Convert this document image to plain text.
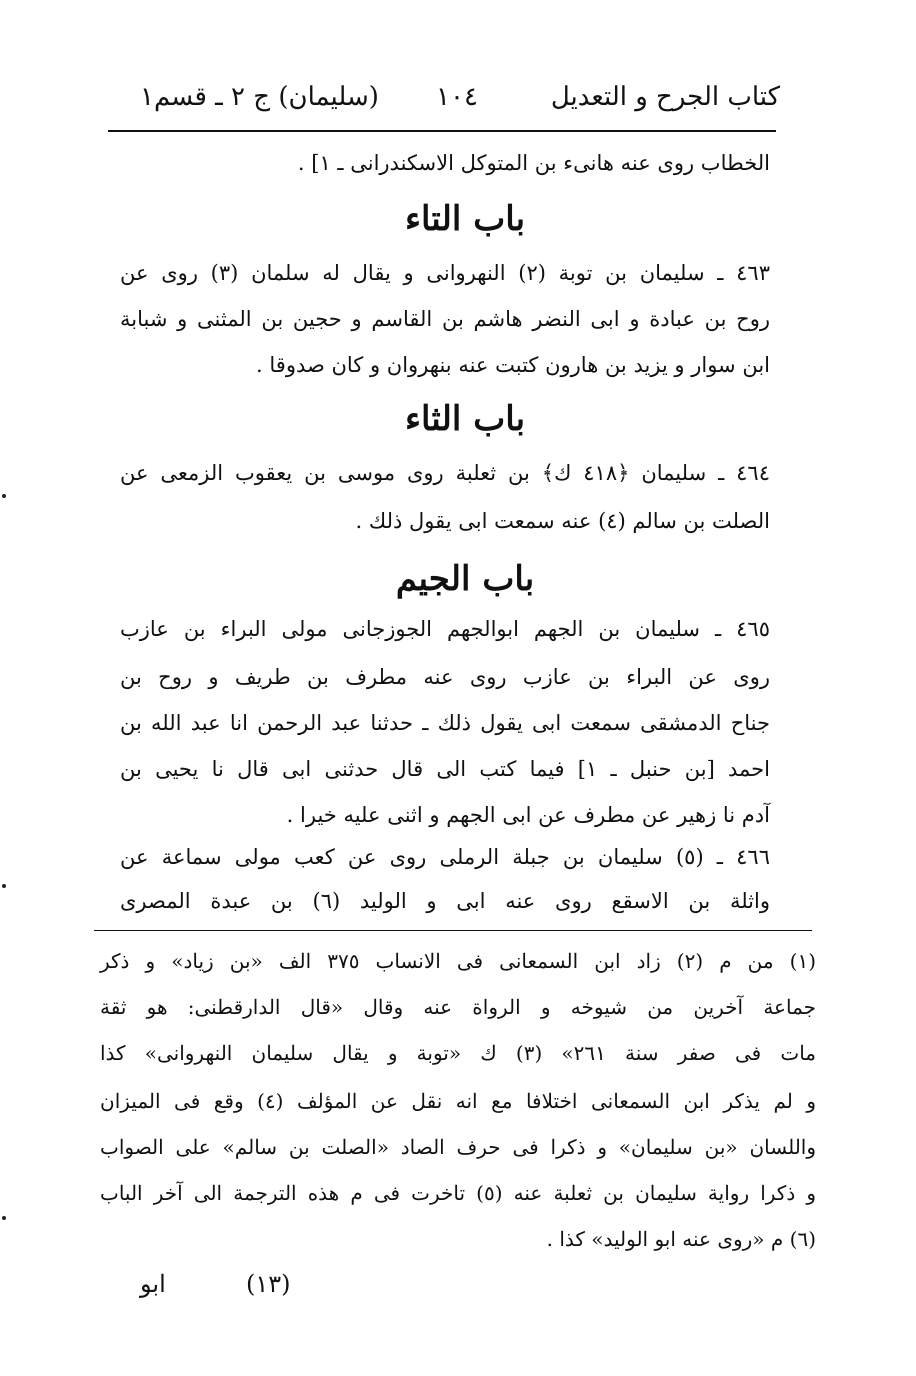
كتاب الجرح و التعديل
١٠٤
(سليمان) ج ٢ ـ قسم١
الخطاب روى عنه هانىء بن المتوكل الاسكندرانى ـ ١] .
باب التاء
٤٦٣ ـ سليمان بن توبة (٢) النهروانى و يقال له سلمان (٣) روى عن
روح بن عبادة و ابى النضر هاشم بن القاسم و حجين بن المثنى و شبابة
ابن سوار و يزيد بن هارون كتبت عنه بنهروان و كان صدوقا .
باب الثاء
٤٦٤ ـ سليمان ﴿٤١٨ ك﴾ بن ثعلبة روى موسى بن يعقوب الزمعى عن
الصلت بن سالم (٤) عنه سمعت ابى يقول ذلك .
باب الجيم
٤٦٥ ـ سليمان بن الجهم ابوالجهم الجوزجانى مولى البراء بن عازب
روى عن البراء بن عازب روى عنه مطرف بن طريف و روح بن
جناح الدمشقى سمعت ابى يقول ذلك ـ حدثنا عبد الرحمن انا عبد الله بن
احمد [بن حنبل ـ ١] فيما كتب الى قال حدثنى ابى قال نا يحيى بن
آدم نا زهير عن مطرف عن ابى الجهم و اثنى عليه خيرا .
٤٦٦ ـ (٥) سليمان بن جبلة الرملى روى عن كعب مولى سماعة عن
واثلة بن الاسقع روى عنه ابى و الوليد (٦) بن عبدة المصرى
(١) من م (٢) زاد ابن السمعانى فى الانساب ٣٧٥ الف «بن زياد» و ذكر
جماعة آخرين من شيوخه و الرواة عنه وقال «قال الدارقطنى: هو ثقة
مات فى صفر سنة ٢٦١» (٣) ك «توبة و يقال سليمان النهروانى» كذا
و لم يذكر ابن السمعانى اختلافا مع انه نقل عن المؤلف (٤) وقع فى الميزان
واللسان «بن سليمان» و ذكرا فى حرف الصاد «الصلت بن سالم» على الصواب
و ذكرا رواية سليمان بن ثعلبة عنه (٥) تاخرت فى م هذه الترجمة الى آخر الباب
(٦) م «روى عنه ابو الوليد» كذا .
(١٣)
ابو
